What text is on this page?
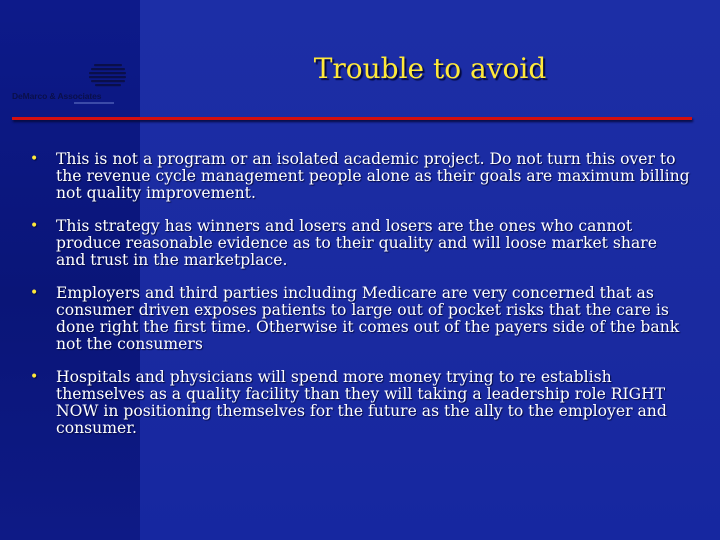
DeMarco & Associates
Trouble to avoid
• This is not a program or an isolated academic project. Do not turn this over to the revenue cycle management people alone as their goals are maximum billing not quality improvement.
• This strategy has winners and losers and losers are the ones who cannot produce reasonable evidence as to their quality and will loose market share and trust in the marketplace.
• Employers and third parties including Medicare are very concerned that as consumer driven exposes patients to large out of pocket risks that the care is done right the first time. Otherwise it comes out of the payers side of the bank not the consumers
• Hospitals and physicians will spend more money trying to re establish themselves as a quality facility than they will taking a leadership role RIGHT NOW in positioning themselves for the future as the ally to the employer and consumer.
